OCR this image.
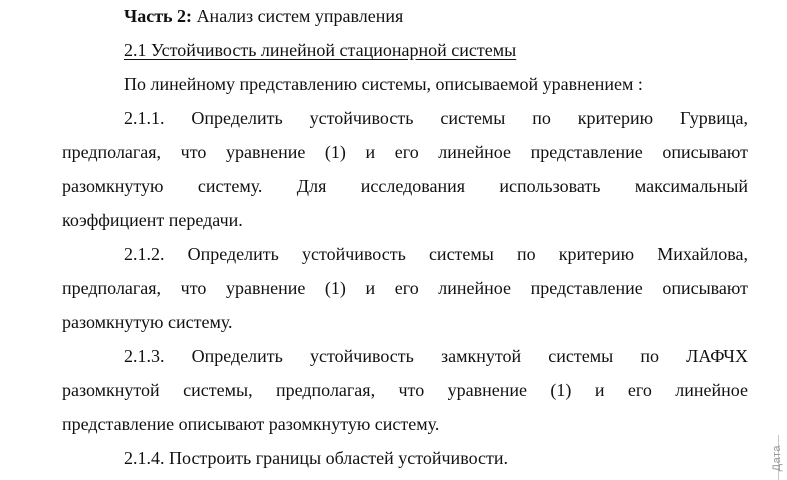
Часть 2: Анализ систем управления
2.1 Устойчивость линейной стационарной системы
По линейному представлению системы, описываемой уравнением :
2.1.1. Определить устойчивость системы по критерию Гурвица,
предполагая, что уравнение (1) и его линейное представление описывают
разомкнутую систему. Для исследования использовать максимальный
коэффициент передачи.
2.1.2. Определить устойчивость системы по критерию Михайлова,
предполагая, что уравнение (1) и его линейное представление описывают
разомкнутую систему.
2.1.3. Определить устойчивость замкнутой системы по ЛАФЧХ
разомкнутой системы, предполагая, что уравнение (1) и его линейное
представление описывают разомкнутую систему.
2.1.4. Построить границы областей устойчивости.	Дата
